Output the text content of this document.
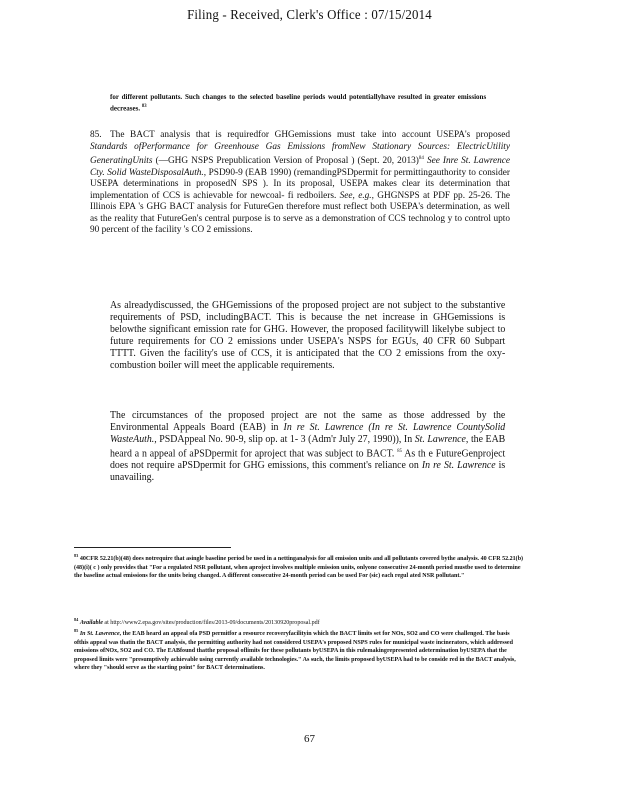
Filing - Received, Clerk's Office : 07/15/2014
for different pollutants. Such changes to the selected baseline periods would potentiallyhave resulted in greater emissions decreases. $^{83}$
85. The BACT analysis that is requiredfor GHGemissions must take into account USEPA's proposed Standards ofPerformance for Greenhouse Gas Emissions fromNew Stationary Sources: ElectricUtility GeneratingUnits (—GHG NSPS Prepublication Version of Proposal ) (Sept. 20, 2013)$^{84}$ See Inre St. Lawrence Cty. Solid WasteDisposalAuth., PSD90-9 (EAB 1990) (remandingPSDpermit for permittingauthority to consider USEPA determinations in proposedN SPS ). In its proposal, USEPA makes clear its determination that implementation of CCS is achievable for newcoal- fi redboilers. See, e.g., GHGNSPS at PDF pp. 25-26. The Illinois EPA 's GHG BACT analysis for FutureGen therefore must reflect both USEPA's determination, as well as the reality that FutureGen's central purpose is to serve as a demonstration of CCS technolog y to control upto 90 percent of the facility 's CO 2 emissions.
As alreadydiscussed, the GHGemissions of the proposed project are not subject to the substantive requirements of PSD, includingBACT. This is because the net increase in GHGemissions is belowthe significant emission rate for GHG. However, the proposed facilitywill likelybe subject to future requirements for CO 2 emissions under USEPA's NSPS for EGUs, 40 CFR 60 Subpart TTTT. Given the facility's use of CCS, it is anticipated that the CO 2 emissions from the oxy-combustion boiler will meet the applicable requirements.
The circumstances of the proposed project are not the same as those addressed by the Environmental Appeals Board (EAB) in In re St. Lawrence (In re St. Lawrence CountySolid WasteAuth., PSDAppeal No. 90-9, slip op. at 1- 3 (Adm'r July 27, 1990)), In St. Lawrence, the EAB heard a n appeal of aPSDpermit for aproject that was subject to BACT. $^{85}$ As th e FutureGenproject does not require aPSDpermit for GHG emissions, this comment's reliance on In re St. Lawrence is unavailing.
$^{83}$ 40CFR 52.21(b)(48) does notrequire that asingle baseline period be used in a nettinganalysis for all emission units and all pollutants covered bythe analysis. 40 CFR 52.21(b)(48)(i)( c ) only provides that "For a regulated NSR pollutant, when aproject involves multiple emission units, onlyone consecutive 24-month period mustbe used to determine the baseline actual emissions for the units being changed. A different consecutive 24-month period can be used For (sic) each regul ated NSR pollutant."
$^{84}$ Available at http://www2.epa.gov/sites/production/files/2013-09/documents/20130920proposal.pdf
$^{85}$ In St. Lawrence, the EAB heard an appeal ofa PSD permitfor a resource recoveryfacilityin which the BACT limits set for NOx, SO2 and CO were challenged. The basis ofthis appeal was thatin the BACT analysis, the permitting authority had not considered USEPA's proposed NSPS rules for municipal waste incinerators, which addressed emissions ofNOx, SO2 and CO. The EABfound thatthe proposal oflimits for these pollutants byUSEPA in this rulemakingrepresented adetermination byUSEPA that the proposed limits were "presumptively achievable using currently available technologies." As such, the limits proposed byUSEPA had to be conside red in the BACT analysis, where they "should serve as the starting point" for BACT determinations.
67
